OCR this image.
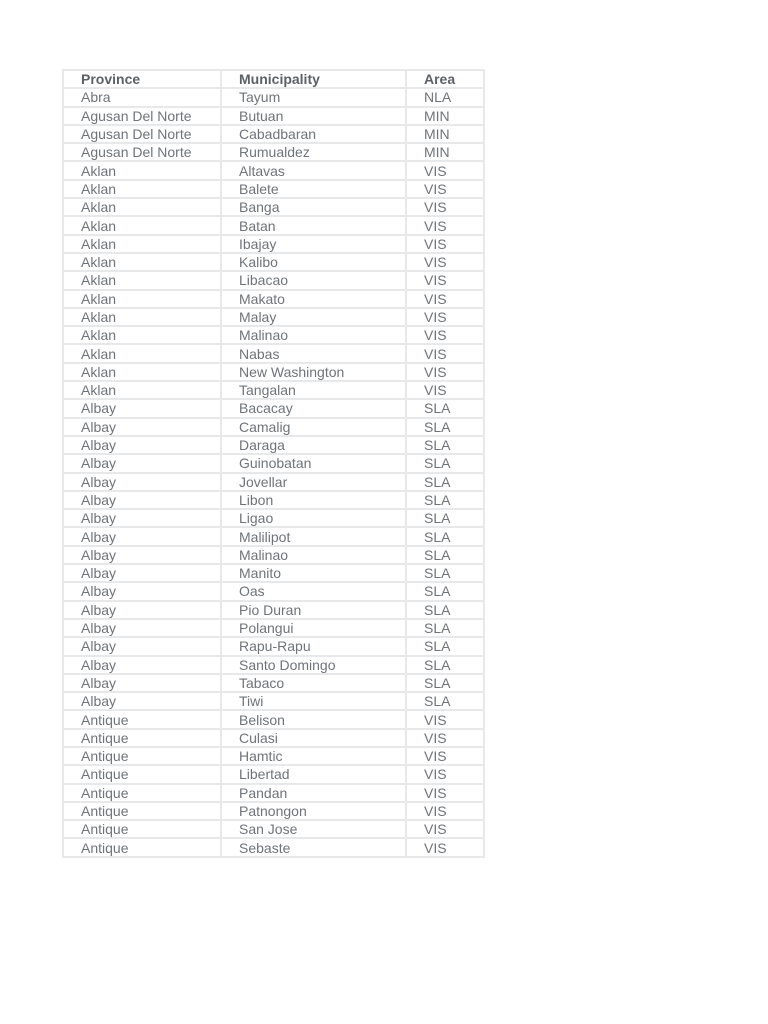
Province	Municipality	Area
Abra	Tayum	NLA
Agusan Del Norte	Butuan	MIN
Agusan Del Norte	Cabadbaran	MIN
Agusan Del Norte	Rumualdez	MIN
Aklan	Altavas	VIS
Aklan	Balete	VIS
Aklan	Banga	VIS
Aklan	Batan	VIS
Aklan	Ibajay	VIS
Aklan	Kalibo	VIS
Aklan	Libacao	VIS
Aklan	Makato	VIS
Aklan	Malay	VIS
Aklan	Malinao	VIS
Aklan	Nabas	VIS
Aklan	New Washington	VIS
Aklan	Tangalan	VIS
Albay	Bacacay	SLA
Albay	Camalig	SLA
Albay	Daraga	SLA
Albay	Guinobatan	SLA
Albay	Jovellar	SLA
Albay	Libon	SLA
Albay	Ligao	SLA
Albay	Malilipot	SLA
Albay	Malinao	SLA
Albay	Manito	SLA
Albay	Oas	SLA
Albay	Pio Duran	SLA
Albay	Polangui	SLA
Albay	Rapu-Rapu	SLA
Albay	Santo Domingo	SLA
Albay	Tabaco	SLA
Albay	Tiwi	SLA
Antique	Belison	VIS
Antique	Culasi	VIS
Antique	Hamtic	VIS
Antique	Libertad	VIS
Antique	Pandan	VIS
Antique	Patnongon	VIS
Antique	San Jose	VIS
Antique	Sebaste	VIS
